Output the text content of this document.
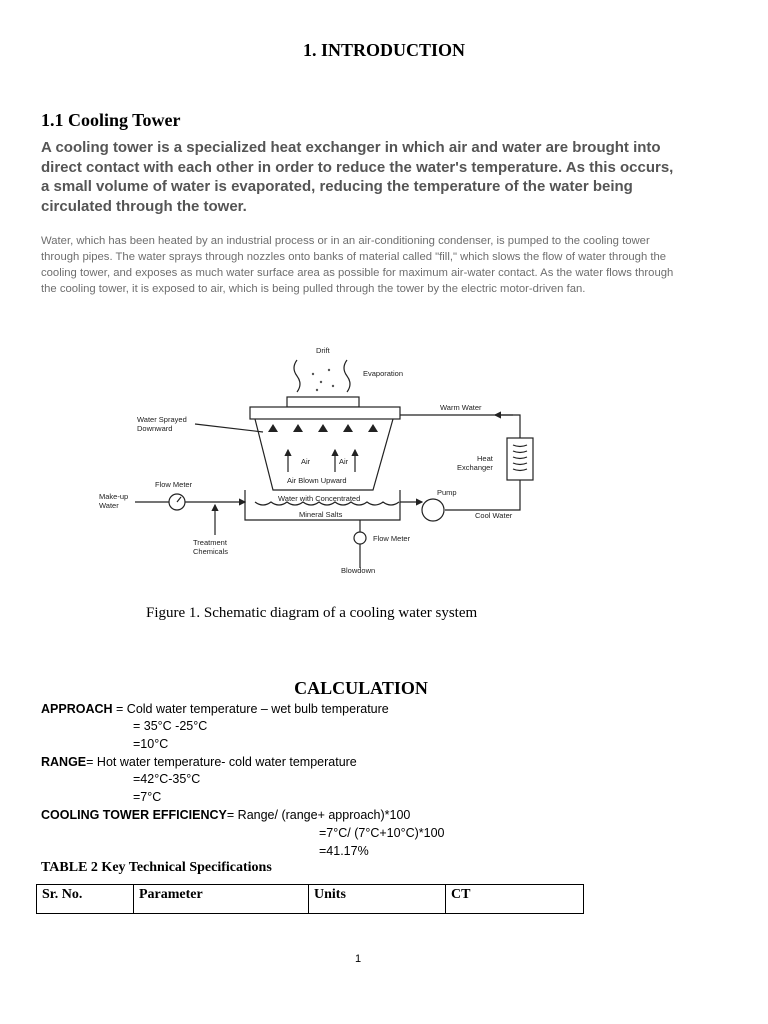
1. INTRODUCTION
1.1 Cooling Tower
A cooling tower is a specialized heat exchanger in which air and water are brought into direct contact with each other in order to reduce the water's temperature. As this occurs, a small volume of water is evaporated, reducing the temperature of the water being circulated through the tower.
Water, which has been heated by an industrial process or in an air-conditioning condenser, is pumped to the cooling tower through pipes. The water sprays through nozzles onto banks of material called "fill," which slows the flow of water through the cooling tower, and exposes as much water surface area as possible for maximum air-water contact. As the water flows through the cooling tower, it is exposed to air, which is being pulled through the tower by the electric motor-driven fan.
Drift
Evaporation
Warm Water
Water Sprayed
Downward
Air	Air
Air Blown Upward
Heat
Exchanger
Flow Meter
Make-up
Water
Water with Concentrated
Mineral Salts
Pump
Cool Water
Treatment
Chemicals
Flow Meter
Blowdown
Figure 1. Schematic diagram of a cooling water system
CALCULATION
APPROACH = Cold water temperature – wet bulb temperature
= 35°C -25°C
=10°C
RANGE= Hot water temperature- cold water temperature
=42°C-35°C
=7°C
COOLING TOWER EFFICIENCY= Range/ (range+ approach)*100
=7°C/ (7°C+10°C)*100
=41.17%
TABLE 2 Key Technical Specifications
Sr. No.	Parameter	Units	CT
1
